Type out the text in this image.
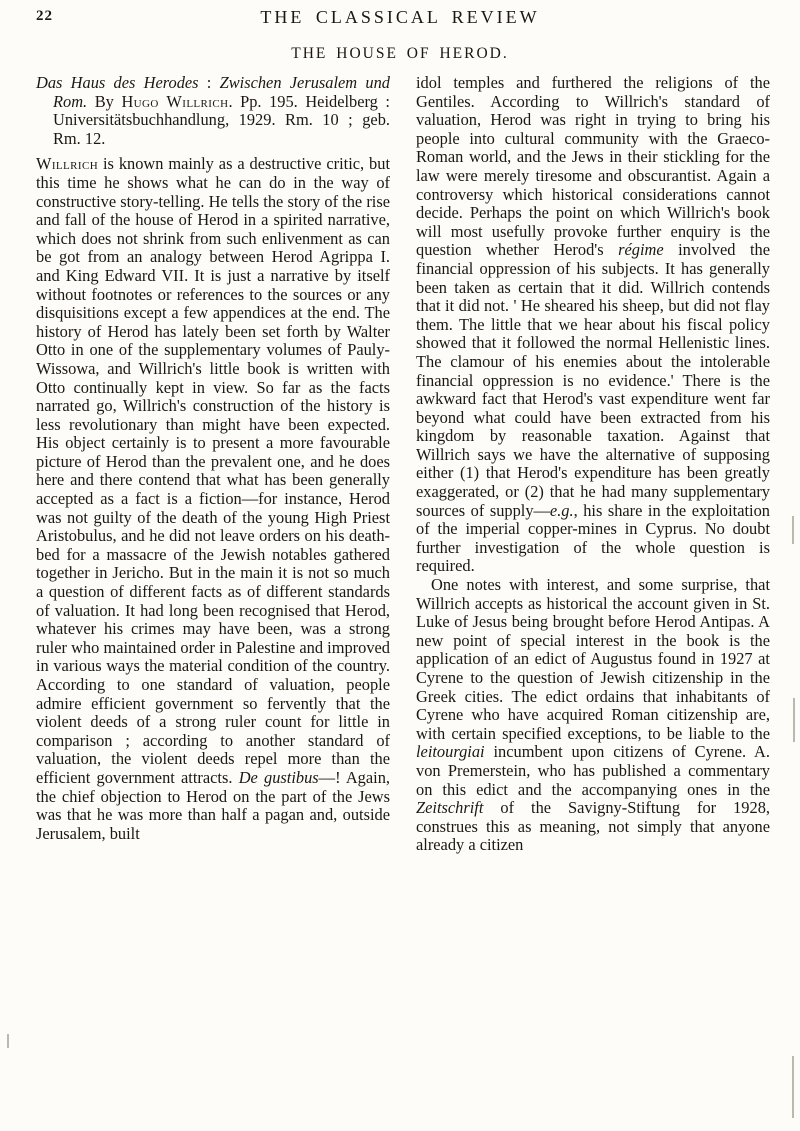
22	THE CLASSICAL REVIEW
THE HOUSE OF HEROD.

Das Haus des Herodes : Zwischen Jerusalem und Rom. By Hugo Willrich. Pp. 195. Heidelberg : Universitätsbuchhandlung, 1929. Rm. 10 ; geb. Rm. 12.

Willrich is known mainly as a destructive critic, but this time he shows what he can do in the way of constructive story-telling. He tells the story of the rise and fall of the house of Herod in a spirited narrative, which does not shrink from such enlivenment as can be got from an analogy between Herod Agrippa I. and King Edward VII. It is just a narrative by itself without footnotes or references to the sources or any disquisitions except a few appendices at the end. The history of Herod has lately been set forth by Walter Otto in one of the supplementary volumes of Pauly-Wissowa, and Willrich's little book is written with Otto continually kept in view. So far as the facts narrated go, Willrich's construction of the history is less revolutionary than might have been expected. His object certainly is to present a more favourable picture of Herod than the prevalent one, and he does here and there contend that what has been generally accepted as a fact is a fiction—for instance, Herod was not guilty of the death of the young High Priest Aristobulus, and he did not leave orders on his death-bed for a massacre of the Jewish notables gathered together in Jericho. But in the main it is not so much a question of different facts as of different standards of valuation. It had long been recognised that Herod, whatever his crimes may have been, was a strong ruler who maintained order in Palestine and improved in various ways the material condition of the country. According to one standard of valuation, people admire efficient government so fervently that the violent deeds of a strong ruler count for little in comparison ; according to another standard of valuation, the violent deeds repel more than the efficient government attracts. De gustibus—! Again, the chief objection to Herod on the part of the Jews was that he was more than half a pagan and, outside Jerusalem, built

idol temples and furthered the religions of the Gentiles. According to Willrich's standard of valuation, Herod was right in trying to bring his people into cultural community with the Graeco-Roman world, and the Jews in their stickling for the law were merely tiresome and obscurantist. Again a controversy which historical considerations cannot decide. Perhaps the point on which Willrich's book will most usefully provoke further enquiry is the question whether Herod's régime involved the financial oppression of his subjects. It has generally been taken as certain that it did. Willrich contends that it did not. ' He sheared his sheep, but did not flay them. The little that we hear about his fiscal policy showed that it followed the normal Hellenistic lines. The clamour of his enemies about the intolerable financial oppression is no evidence.' There is the awkward fact that Herod's vast expenditure went far beyond what could have been extracted from his kingdom by reasonable taxation. Against that Willrich says we have the alternative of supposing either (1) that Herod's expenditure has been greatly exaggerated, or (2) that he had many supplementary sources of supply—e.g., his share in the exploitation of the imperial copper-mines in Cyprus. No doubt further investigation of the whole question is required.

One notes with interest, and some surprise, that Willrich accepts as historical the account given in St. Luke of Jesus being brought before Herod Antipas. A new point of special interest in the book is the application of an edict of Augustus found in 1927 at Cyrene to the question of Jewish citizenship in the Greek cities. The edict ordains that inhabitants of Cyrene who have acquired Roman citizenship are, with certain specified exceptions, to be liable to the leitourgiai incumbent upon citizens of Cyrene. A. von Premerstein, who has published a commentary on this edict and the accompanying ones in the Zeitschrift of the Savigny-Stiftung for 1928, construes this as meaning, not simply that anyone already a citizen
